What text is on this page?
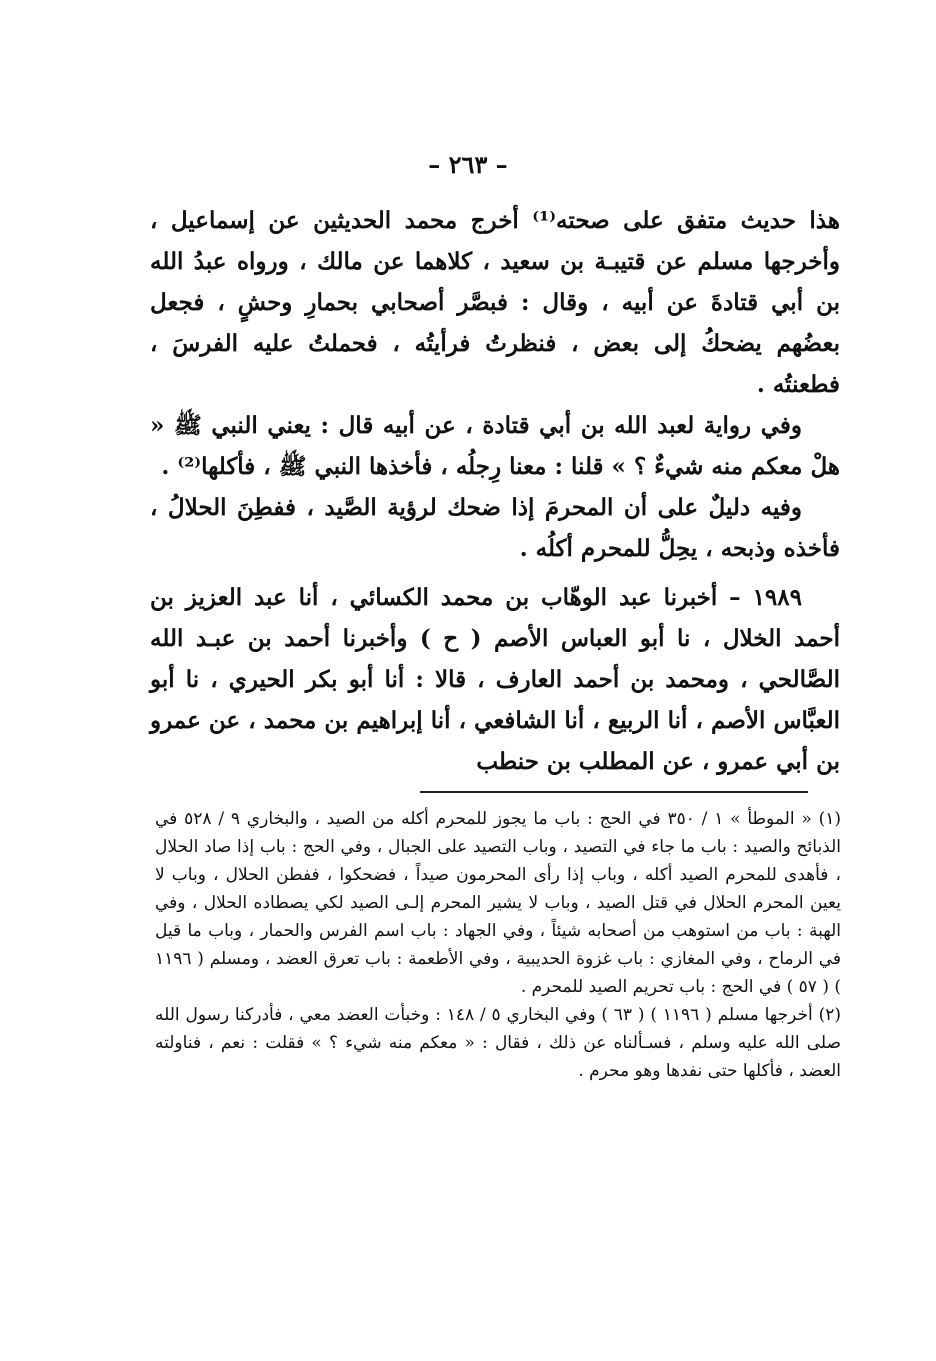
– ٢٦٣ –

هذا حديث متفق على صحته⁽¹⁾ أخرج محمد الحديثين عن إسماعيل ، وأخرجها مسلم عن قتيبـة بن سعيد ، كلاهما عن مالك ، ورواه عبدُ الله بن أبي قتادةَ عن أبيه ، وقال : فبصَّر أصحابي بحمارِ وحشٍ ، فجعل بعضُهم يضحكُ إلى بعض ، فنظرتُ فرأيتُه ، فحملتُ عليه الفرسَ ، فطعنتُه .

وفي رواية لعبد الله بن أبي قتادة ، عن أبيه قال : يعني النبي ﷺ « هلْ معكم منه شيءٌ ؟ » قلنا : معنا رِجلُه ، فأخذها النبي ﷺ ، فأكلها⁽²⁾ .

وفيه دليلٌ على أن المحرمَ إذا ضحك لرؤية الصَّيد ، ففطِنَ الحلالُ ، فأخذه وذبحه ، يحِلُّ للمحرم أكلُه .

١٩٨٩ – أخبرنا عبد الوهّاب بن محمد الكسائي ، أنا عبد العزيز بن أحمد الخلال ، نا أبو العباس الأصم ( ح ) وأخبرنا أحمد بن عبـد الله الصَّالحي ، ومحمد بن أحمد العارف ، قالا : أنا أبو بكر الحيري ، نا أبو العبَّاس الأصم ، أنا الربيع ، أنا الشافعي ، أنا إبراهيم بن محمد ، عن عمرو بن أبي عمرو ، عن المطلب بن حنطب

(١) « الموطأ » ١ / ٣٥٠ في الحج : باب ما يجوز للمحرم أكله من الصيد ، والبخاري ٩ / ٥٢٨ في الذبائح والصيد : باب ما جاء في التصيد ، وباب التصيد على الجبال ، وفي الحج : باب إذا صاد الحلال ، فأهدى للمحرم الصيد أكله ، وباب إذا رأى المحرمون صيداً ، فضحكوا ، ففطن الحلال ، وباب لا يعين المحرم الحلال في قتل الصيد ، وباب لا يشير المحرم إلـى الصيد لكي يصطاده الحلال ، وفي الهبة : باب من استوهب من أصحابه شيئاً ، وفي الجهاد : باب اسم الفرس والحمار ، وباب ما قيل في الرماح ، وفي المغازي : باب غزوة الحديبية ، وفي الأطعمة : باب تعرق العضد ، ومسلم ( ١١٩٦ ) ( ٥٧ ) في الحج : باب تحريم الصيد للمحرم .

(٢) أخرجها مسلم ( ١١٩٦ ) ( ٦٣ ) وفي البخاري ٥ / ١٤٨ : وخبأت العضد معي ، فأدركنا رسول الله صلى الله عليه وسلم ، فسـألناه عن ذلك ، فقال : « معكم منه شيء ؟ » فقلت : نعم ، فناولته العضد ، فأكلها حتى نفدها وهو محرم .
